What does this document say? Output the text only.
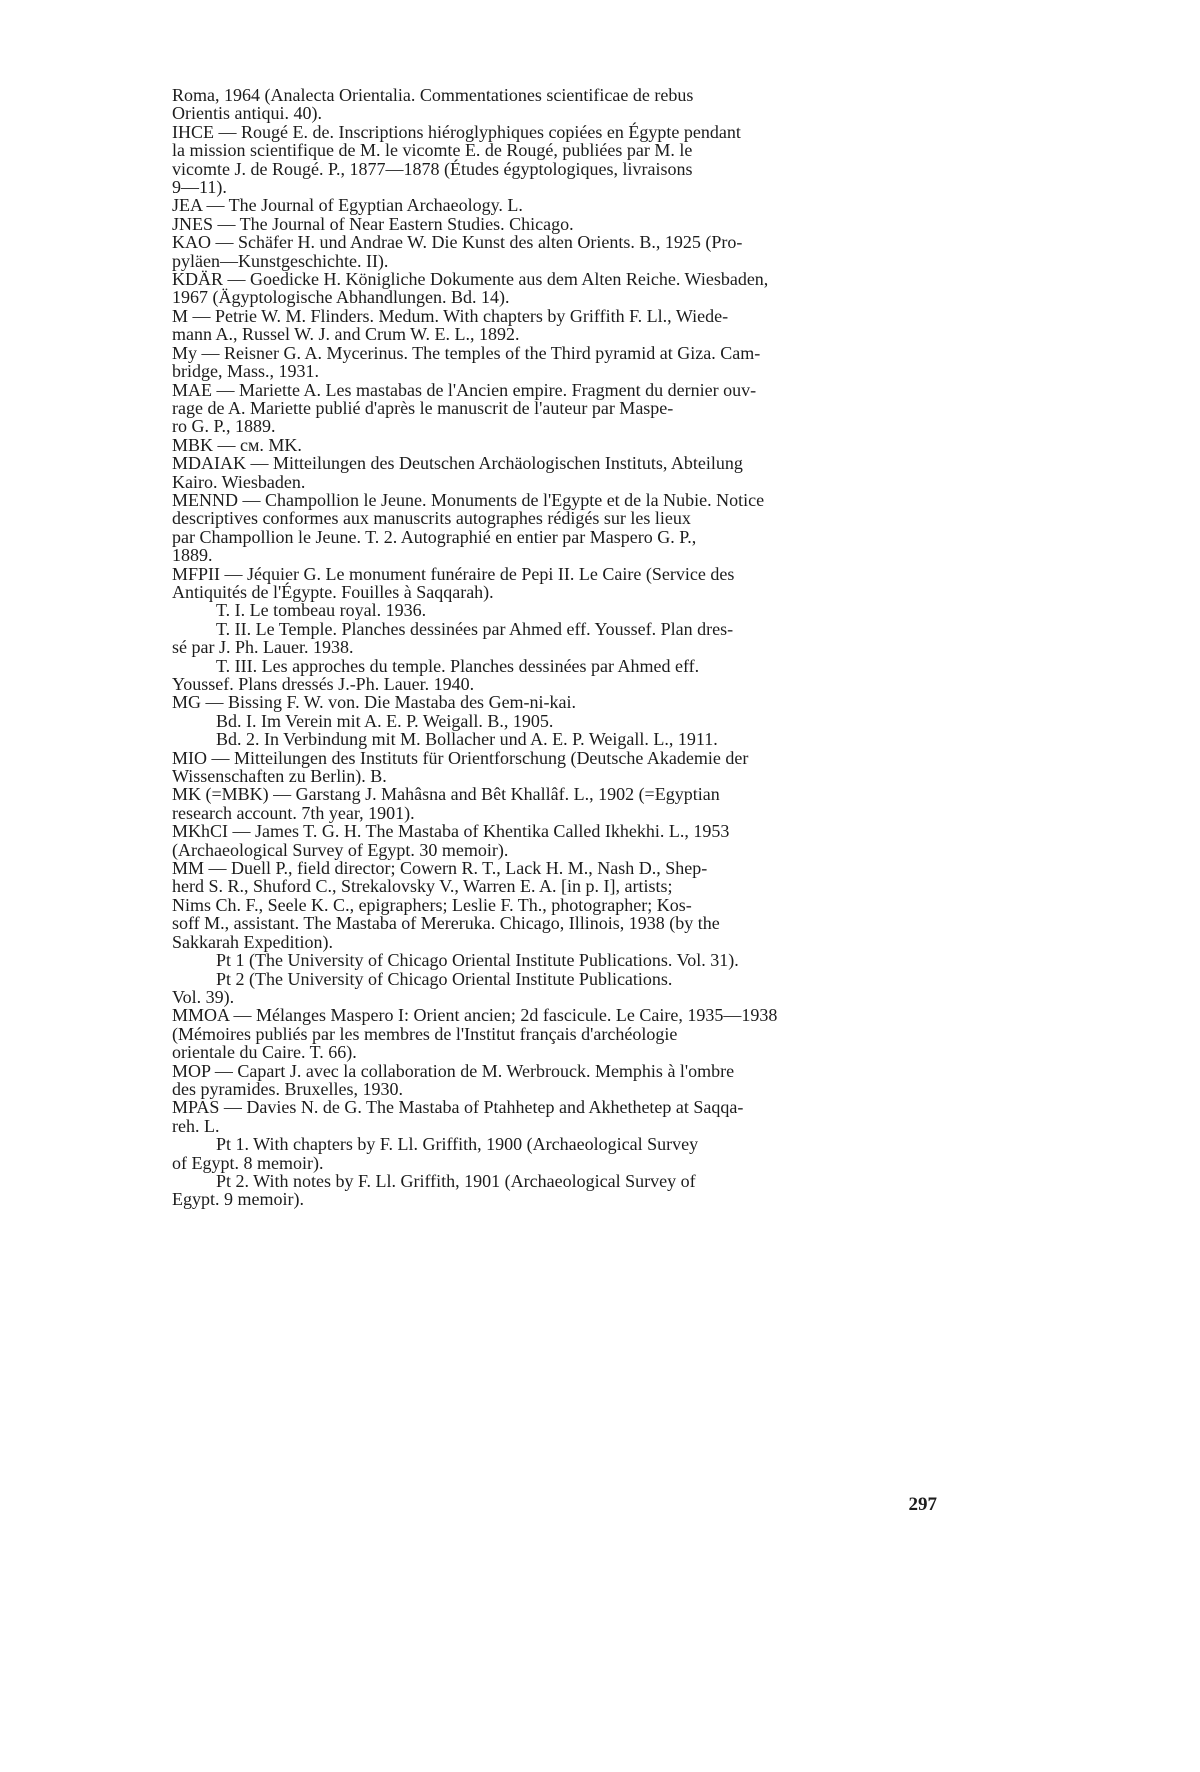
Roma, 1964 (Analecta Orientalia. Commentationes scientificae de rebus
Orientis antiqui. 40).
IHCE — Rougé E. de. Inscriptions hiéroglyphiques copiées en Égypte pendant
la mission scientifique de M. le vicomte E. de Rougé, publiées par M. le
vicomte J. de Rougé. P., 1877—1878 (Études égyptologiques, livraisons
9—11).
JEA — The Journal of Egyptian Archaeology. L.
JNES — The Journal of Near Eastern Studies. Chicago.
KAO — Schäfer H. und Andrae W. Die Kunst des alten Orients. B., 1925 (Pro-
pyläen—Kunstgeschichte. II).
KDÄR — Goedicke H. Königliche Dokumente aus dem Alten Reiche. Wiesbaden,
1967 (Ägyptologische Abhandlungen. Bd. 14).
M — Petrie W. M. Flinders. Medum. With chapters by Griffith F. Ll., Wiede-
mann A., Russel W. J. and Crum W. E. L., 1892.
My — Reisner G. A. Mycerinus. The temples of the Third pyramid at Giza. Cam-
bridge, Mass., 1931.
MAE — Mariette A. Les mastabas de l'Ancien empire. Fragment du dernier ouv-
rage de A. Mariette publié d'après le manuscrit de l'auteur par Maspe-
ro G. P., 1889.
MBK — см. MK.
MDAIAK — Mitteilungen des Deutschen Archäologischen Instituts, Abteilung
Kairo. Wiesbaden.
MENND — Champollion le Jeune. Monuments de l'Egypte et de la Nubie. Notice
descriptives conformes aux manuscrits autographes rédigés sur les lieux
par Champollion le Jeune. T. 2. Autographié en entier par Maspero G. P.,
1889.
MFPII — Jéquier G. Le monument funéraire de Pepi II. Le Caire (Service des
Antiquités de l'Égypte. Fouilles à Saqqarah).
T. I. Le tombeau royal. 1936.
T. II. Le Temple. Planches dessinées par Ahmed eff. Youssef. Plan dres-
sé par J. Ph. Lauer. 1938.
T. III. Les approches du temple. Planches dessinées par Ahmed eff.
Youssef. Plans dressés J.-Ph. Lauer. 1940.
MG — Bissing F. W. von. Die Mastaba des Gem-ni-kai.
Bd. I. Im Verein mit A. E. P. Weigall. B., 1905.
Bd. 2. In Verbindung mit M. Bollacher und A. E. P. Weigall. L., 1911.
MIO — Mitteilungen des Instituts für Orientforschung (Deutsche Akademie der
Wissenschaften zu Berlin). B.
MK (=MBK) — Garstang J. Mahâsna and Bêt Khallâf. L., 1902 (=Egyptian
research account. 7th year, 1901).
MKhCI — James T. G. H. The Mastaba of Khentika Called Ikhekhi. L., 1953
(Archaeological Survey of Egypt. 30 memoir).
MM — Duell P., field director; Cowern R. T., Lack H. M., Nash D., Shep-
herd S. R., Shuford C., Strekalovsky V., Warren E. A. [in p. I], artists;
Nims Ch. F., Seele K. C., epigraphers; Leslie F. Th., photographer; Kos-
soff M., assistant. The Mastaba of Mereruka. Chicago, Illinois, 1938 (by the
Sakkarah Expedition).
Pt 1 (The University of Chicago Oriental Institute Publications. Vol. 31).
Pt 2 (The University of Chicago Oriental Institute Publications.
Vol. 39).
MMOA — Mélanges Maspero I: Orient ancien; 2d fascicule. Le Caire, 1935—1938
(Mémoires publiés par les membres de l'Institut français d'archéologie
orientale du Caire. T. 66).
MOP — Capart J. avec la collaboration de M. Werbrouck. Memphis à l'ombre
des pyramides. Bruxelles, 1930.
MPAS — Davies N. de G. The Mastaba of Ptahhetep and Akhethetep at Saqqa-
reh. L.
Pt 1. With chapters by F. Ll. Griffith, 1900 (Archaeological Survey
of Egypt. 8 memoir).
Pt 2. With notes by F. Ll. Griffith, 1901 (Archaeological Survey of
Egypt. 9 memoir).
297
